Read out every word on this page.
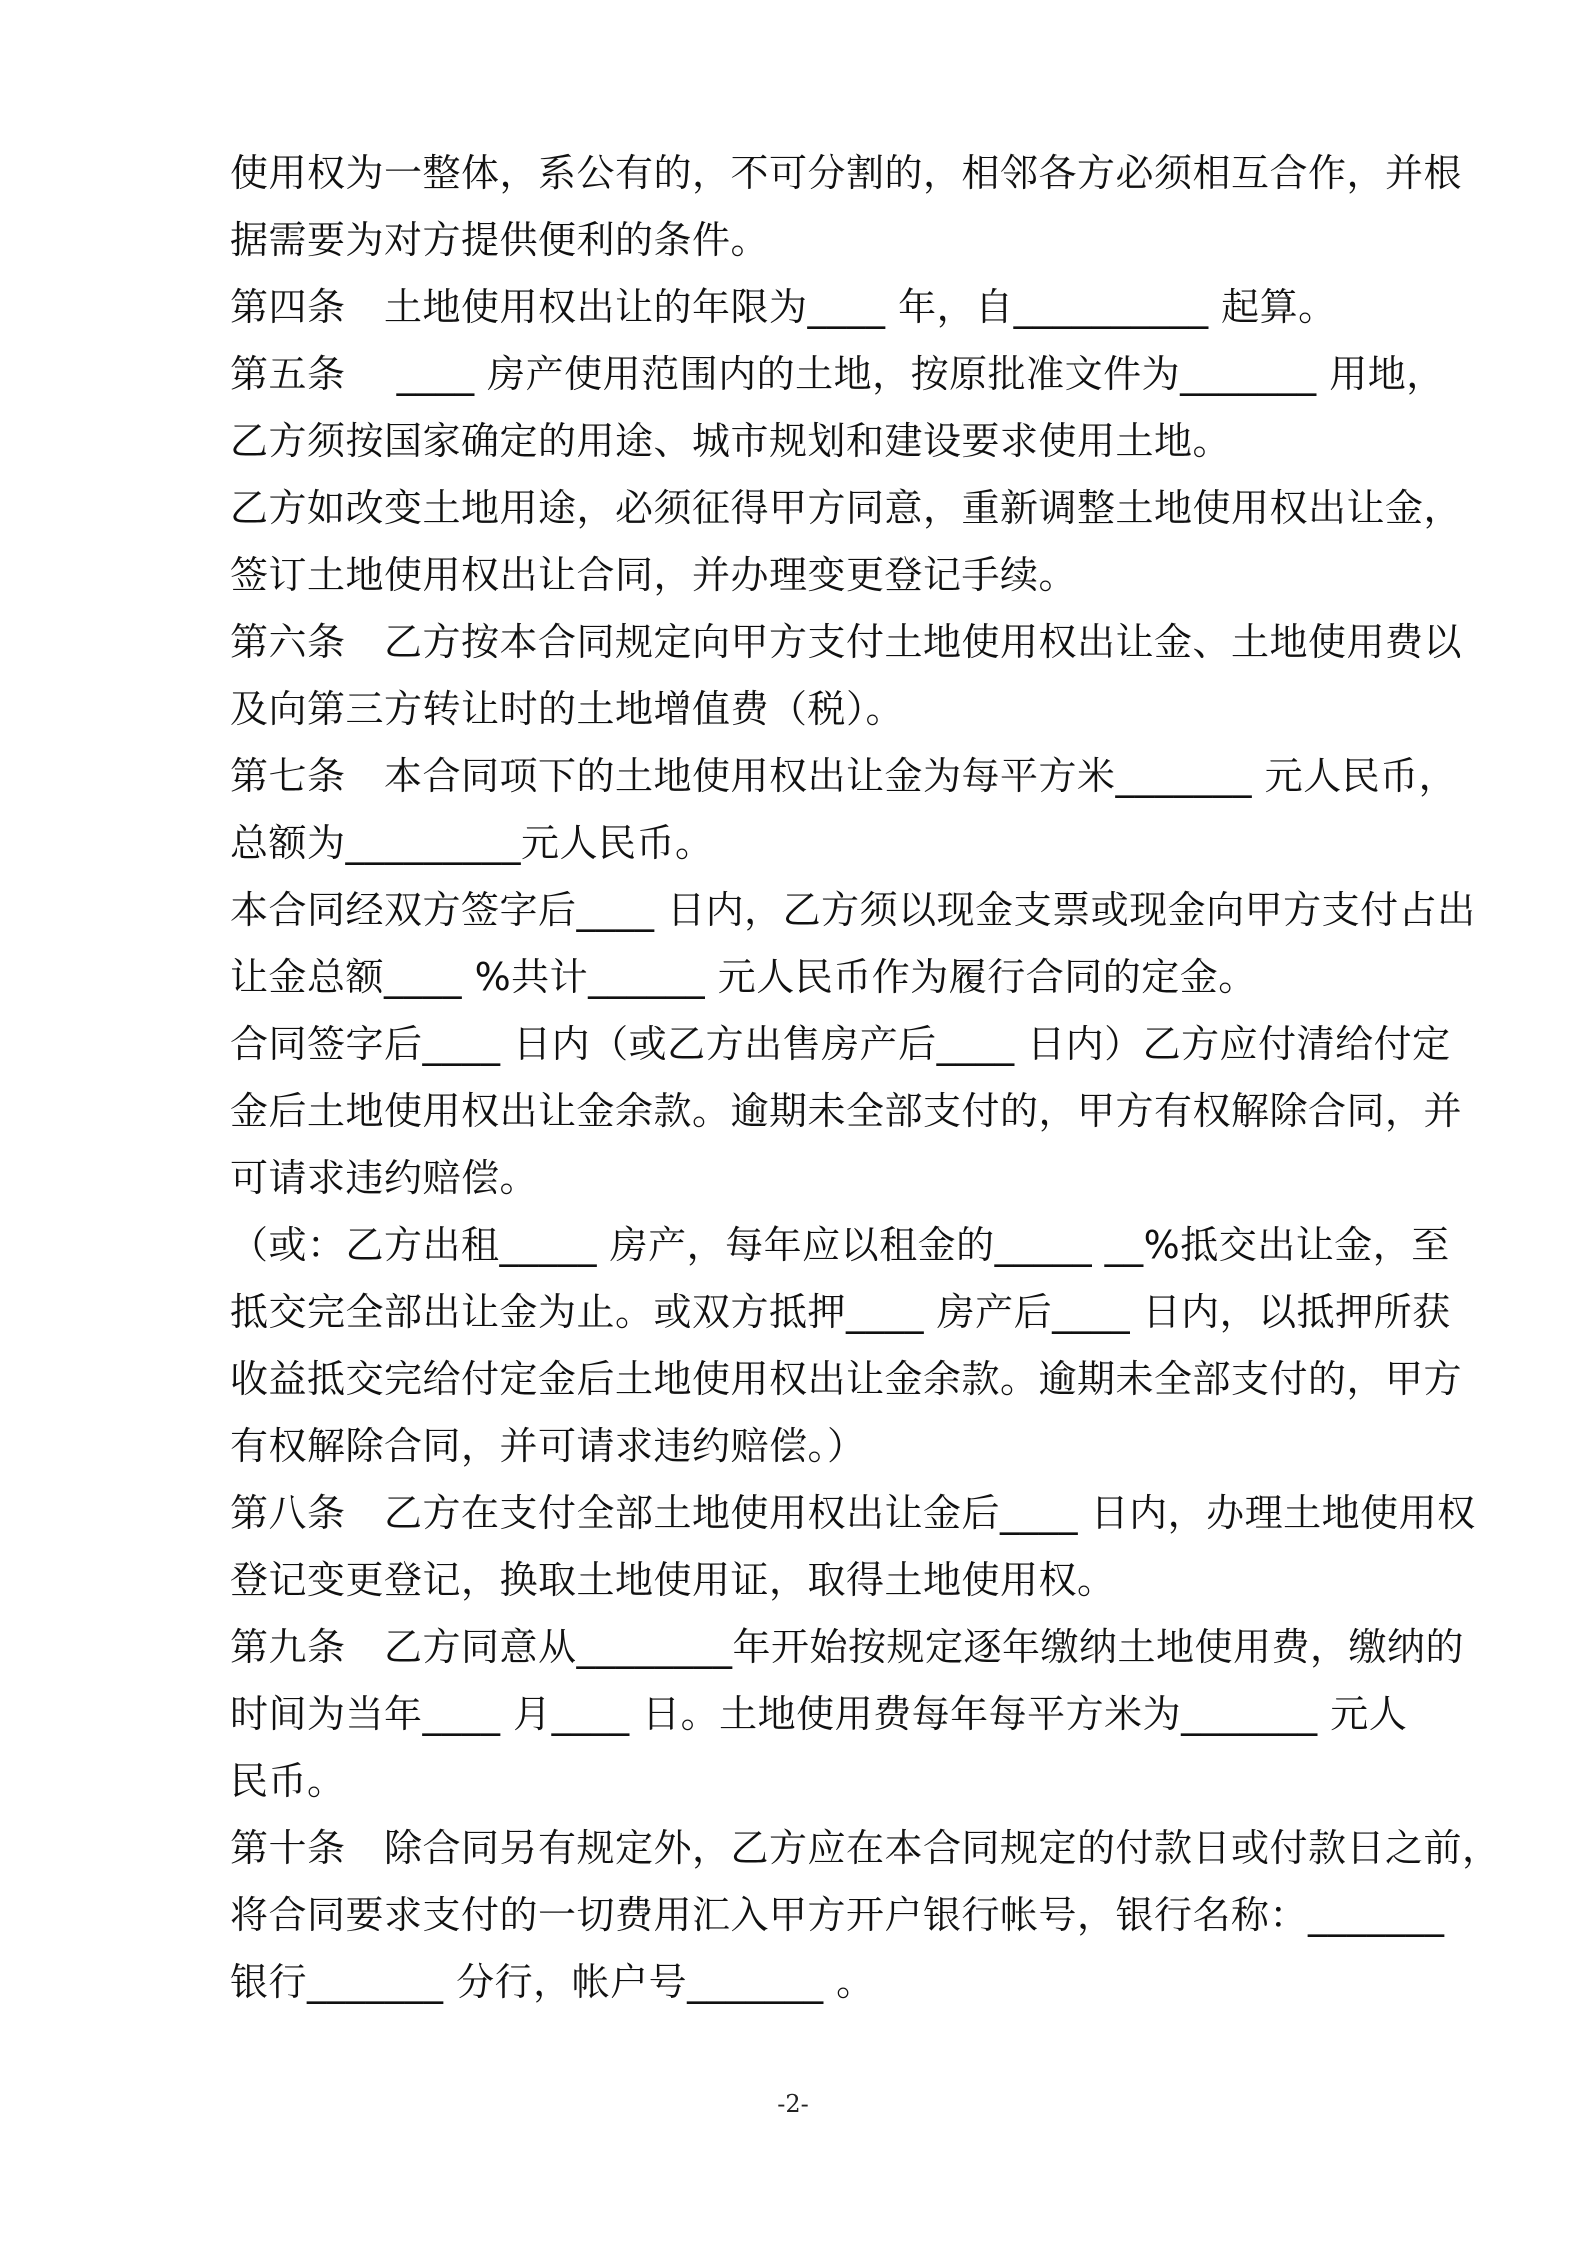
使用权为一整体，系公有的，不可分割的，相邻各方必须相互合作，并根
据需要为对方提供便利的条件。
第四条　土地使用权出让的年限为____ 年，自__________ 起算。
第五条　 ____ 房产使用范围内的土地，按原批准文件为_______ 用地，
乙方须按国家确定的用途、城市规划和建设要求使用土地。
乙方如改变土地用途，必须征得甲方同意，重新调整土地使用权出让金，
签订土地使用权出让合同，并办理变更登记手续。
第六条　乙方按本合同规定向甲方支付土地使用权出让金、土地使用费以
及向第三方转让时的土地增值费（税）。
第七条　本合同项下的土地使用权出让金为每平方米_______ 元人民币，
总额为_________元人民币。
本合同经双方签字后____ 日内，乙方须以现金支票或现金向甲方支付占出
让金总额____ %共计______ 元人民币作为履行合同的定金。
合同签字后____ 日内（或乙方出售房产后____ 日内）乙方应付清给付定
金后土地使用权出让金余款。逾期未全部支付的，甲方有权解除合同，并
可请求违约赔偿。
（或：乙方出租_____ 房产，每年应以租金的_____ __%抵交出让金，至
抵交完全部出让金为止。或双方抵押____ 房产后____ 日内，以抵押所获
收益抵交完给付定金后土地使用权出让金余款。逾期未全部支付的，甲方
有权解除合同，并可请求违约赔偿。）
第八条　乙方在支付全部土地使用权出让金后____ 日内，办理土地使用权
登记变更登记，换取土地使用证，取得土地使用权。
第九条　乙方同意从________年开始按规定逐年缴纳土地使用费，缴纳的
时间为当年____ 月____ 日。土地使用费每年每平方米为_______ 元人
民币。
第十条　除合同另有规定外，乙方应在本合同规定的付款日或付款日之前，
将合同要求支付的一切费用汇入甲方开户银行帐号，银行名称：_______
银行_______ 分行，帐户号_______ 。
-2-
